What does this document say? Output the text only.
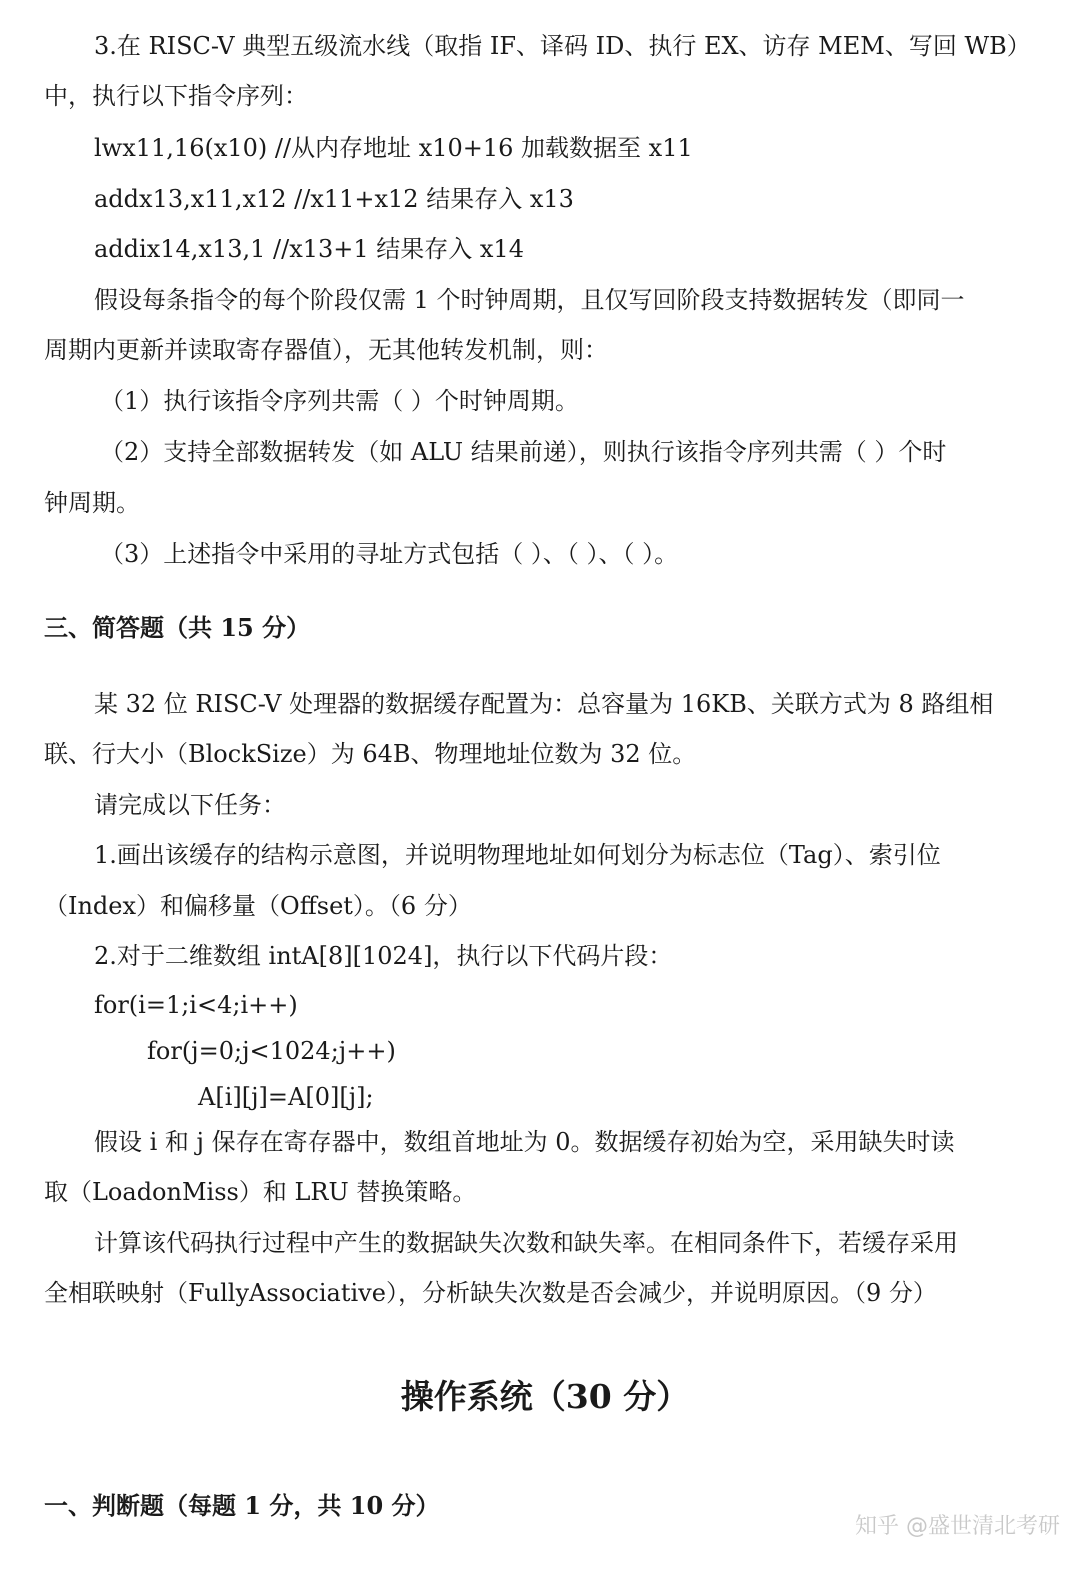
3.在 RISC-V 典型五级流水线（取指 IF、译码 ID、执行 EX、访存 MEM、写回 WB）
中，执行以下指令序列：
lwx11,16(x10) //从内存地址 x10+16 加载数据至 x11
addx13,x11,x12 //x11+x12 结果存入 x13
addix14,x13,1 //x13+1 结果存入 x14
假设每条指令的每个阶段仅需 1 个时钟周期，且仅写回阶段支持数据转发（即同一
周期内更新并读取寄存器值），无其他转发机制，则：
（1）执行该指令序列共需（ ）个时钟周期。
（2）支持全部数据转发（如 ALU 结果前递），则执行该指令序列共需（ ）个时
钟周期。
（3）上述指令中采用的寻址方式包括（ ）、（ ）、（ ）。
三、简答题（共 15 分）
某 32 位 RISC-V 处理器的数据缓存配置为：总容量为 16KB、关联方式为 8 路组相
联、行大小（BlockSize）为 64B、物理地址位数为 32 位。
请完成以下任务：
1.画出该缓存的结构示意图，并说明物理地址如何划分为标志位（Tag）、索引位
（Index）和偏移量（Offset）。（6 分）
2.对于二维数组 intA[8][1024]，执行以下代码片段：
for(i=1;i<4;i++)
for(j=0;j<1024;j++)
A[i][j]=A[0][j];
假设 i 和 j 保存在寄存器中，数组首地址为 0。数据缓存初始为空，采用缺失时读
取（LoadonMiss）和 LRU 替换策略。
计算该代码执行过程中产生的数据缺失次数和缺失率。在相同条件下，若缓存采用
全相联映射（FullyAssociative），分析缺失次数是否会减少，并说明原因。（9 分）
操作系统（30 分）
一、判断题（每题 1 分，共 10 分）
知乎 @盛世清北考研
